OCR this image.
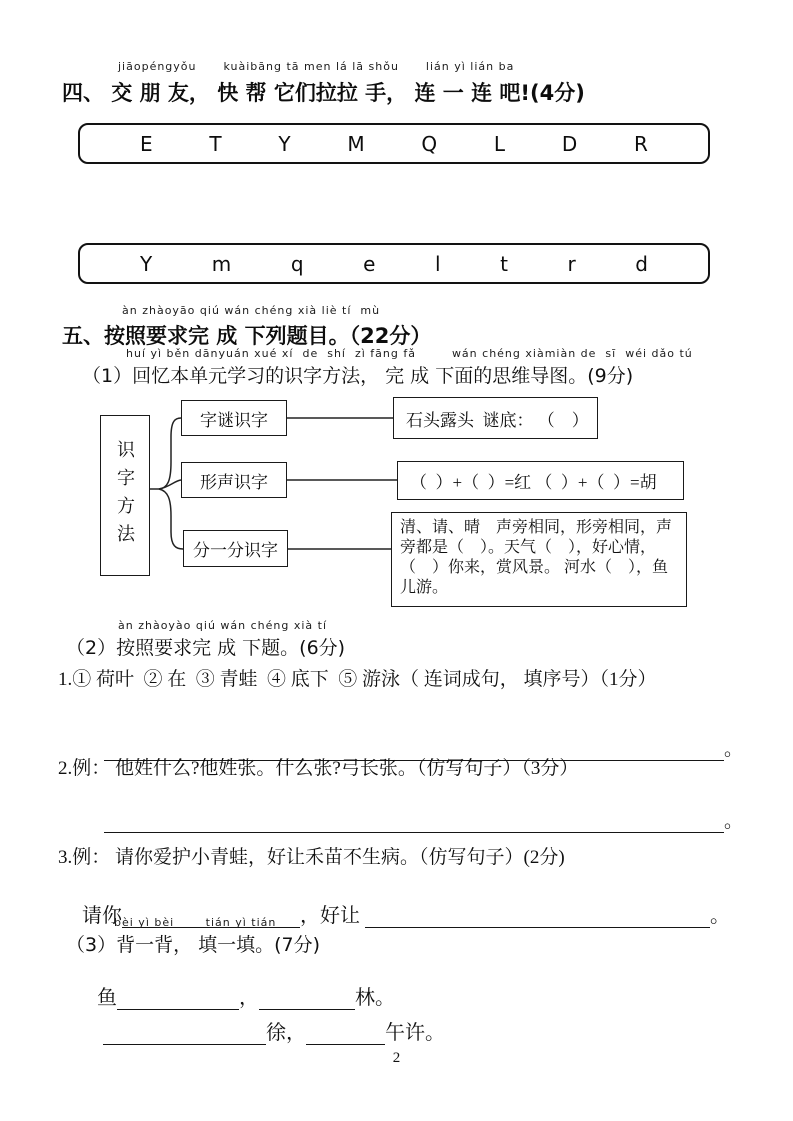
jiāopéngyǒu      kuàibāng tā men lá lā shǒu      lián yì lián ba
四、 交 朋 友， 快 帮 它们拉拉 手， 连 一 连 吧!(4分)
E	T	Y	M	Q	L	D	R
Y	m	q	e	l	t	r	d
àn zhàoyāo qiú wán chéng xià liè tí  mù
五、按照要求完 成 下列题目。（22分）
huí yì běn dānyuán xué xí  de  shí  zì fāng fǎ        wán chéng xiàmiàn de  sī  wéi dǎo tú
（1）回忆本单元学习的识字方法， 完 成 下面的思维导图。(9分)
识字方法
字谜识字
形声识字
分一分识字
石头露头  谜底： （    ）
（  ）+（  ）=红 （  ）+（  ）=胡
清、请、晴　声旁相同，形旁相同，声旁都是（　）。天气（　），好心情，（　）你来，赏风景。 河水（　），鱼儿游。
àn zhàoyào qiú wán chéng xià tí
（2）按照要求完 成 下题。(6分)
1.① 荷叶  ② 在  ③ 青蛙  ④ 底下  ⑤ 游泳（ 连词成句， 填序号）（1分）

。

2.例： 他姓什么?他姓张。什么张?弓长张。（仿写句子）（3分）

。

3.例： 请你爱护小青蛙，好让禾苗不生病。（仿写句子）(2分)

请你	，好让	。

bèi yì bèi       tián yì tián
（3）背一背， 填一填。(7分)

鱼	，	林。

徐，	午许。

2
